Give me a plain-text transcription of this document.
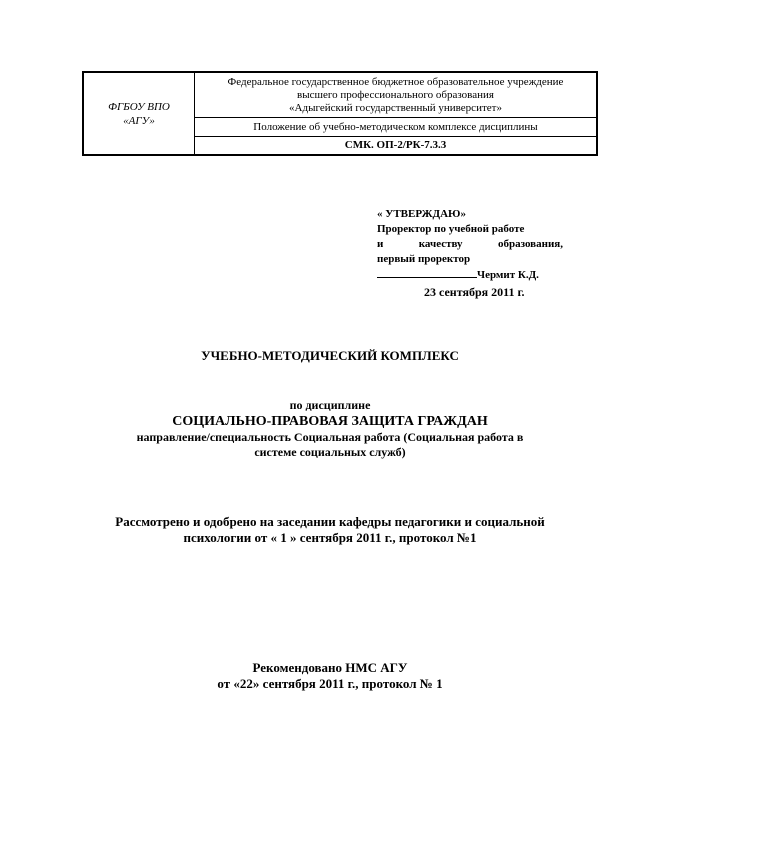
ФГБОУ ВПО
«АГУ»

Федеральное государственное бюджетное образовательное учреждение
высшего профессионального образования
«Адыгейский государственный университет»

Положение об учебно-методическом комплексе дисциплины
СМК. ОП-2/РК-7.3.3
« УТВЕРЖДАЮ»
Проректор по учебной работе
и качеству образования,
первый проректор
Чермит К.Д.
23 сентября 2011 г.
УЧЕБНО-МЕТОДИЧЕСКИЙ КОМПЛЕКС
по дисциплине
СОЦИАЛЬНО-ПРАВОВАЯ ЗАЩИТА ГРАЖДАН
направление/специальность Социальная работа (Социальная работа в
системе социальных служб)
Рассмотрено и одобрено на заседании кафедры педагогики и социальной
психологии от « 1 » сентября 2011 г., протокол №1
Рекомендовано НМС АГУ
от «22» сентября 2011 г., протокол № 1
